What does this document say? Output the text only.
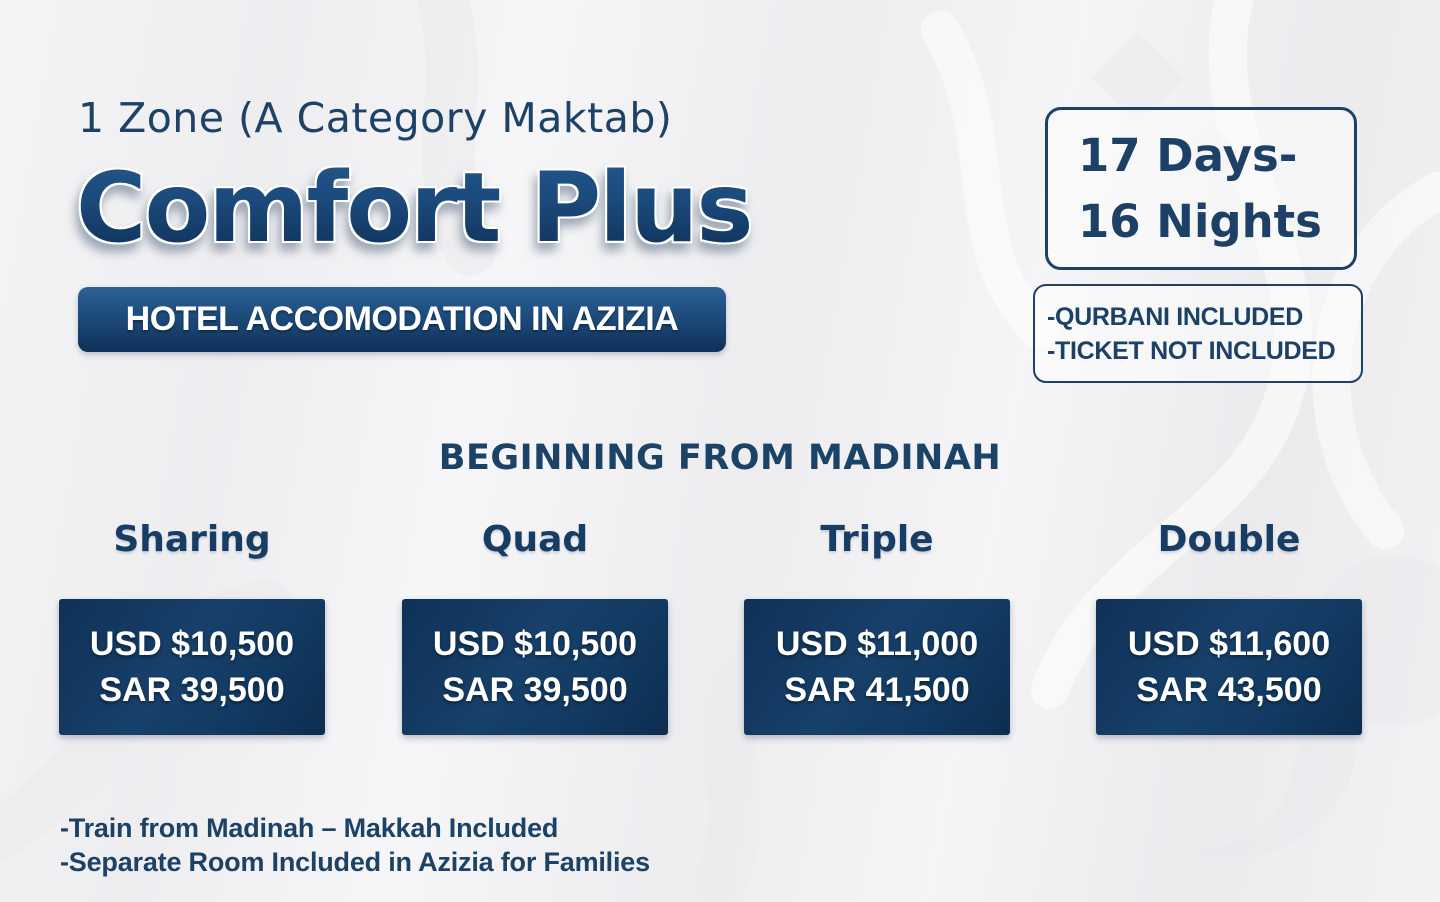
1 Zone (A Category Maktab)
Comfort Plus
HOTEL ACCOMODATION IN AZIZIA
17 Days-
16 Nights
-QURBANI INCLUDED
-TICKET NOT INCLUDED
BEGINNING FROM MADINAH
Sharing
USD $10,500
SAR 39,500
Quad
USD $10,500
SAR 39,500
Triple
USD $11,000
SAR 41,500
Double
USD $11,600
SAR 43,500
-Train from Madinah – Makkah Included
-Separate Room Included in Azizia for Families
